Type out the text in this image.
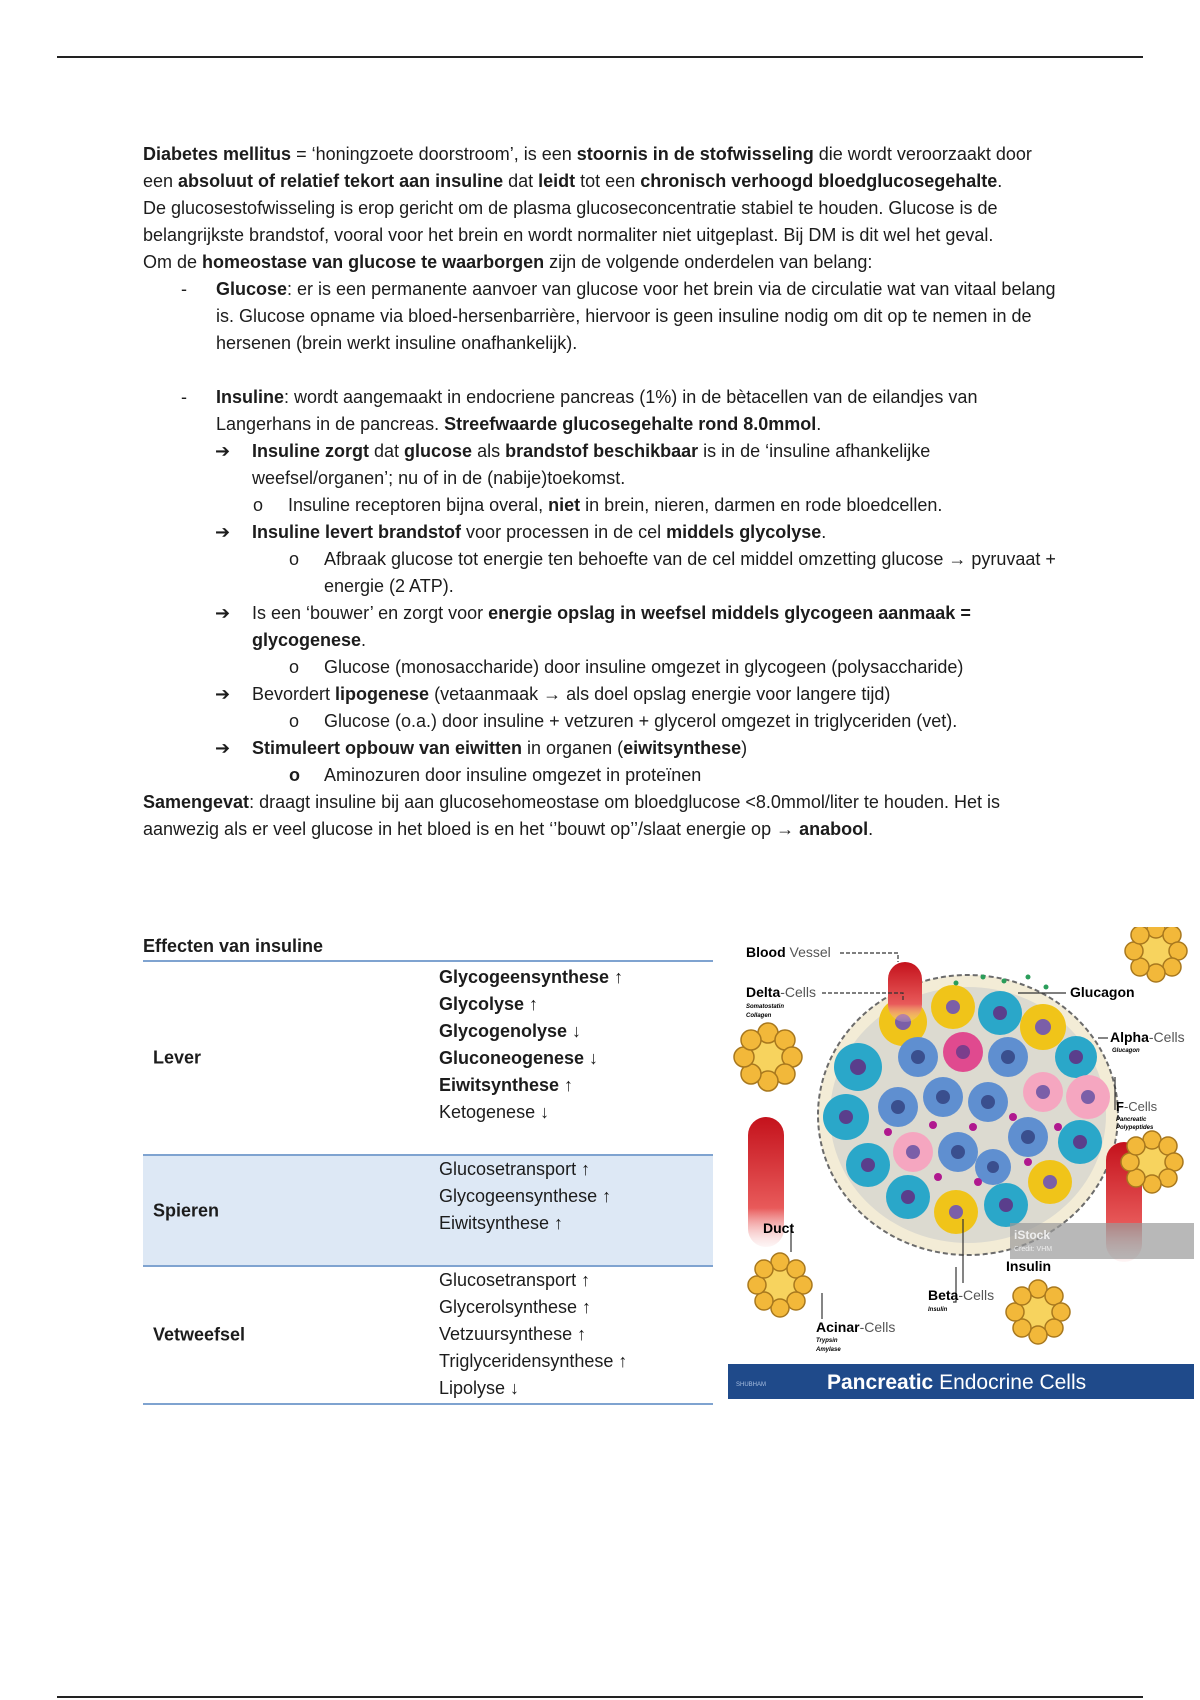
Diabetes mellitus = ‘honingzoete doorstroom’, is een stoornis in de stofwisseling die wordt veroorzaakt door een absoluut of relatief tekort aan insuline dat leidt tot een chronisch verhoogd bloedglucosegehalte.

De glucosestofwisseling is erop gericht om de plasma glucoseconcentratie stabiel te houden. Glucose is de belangrijkste brandstof, vooral voor het brein en wordt normaliter niet uitgeplast. Bij DM is dit wel het geval.

Om de homeostase van glucose te waarborgen zijn de volgende onderdelen van belang:

- Glucose: er is een permanente aanvoer van glucose voor het brein via de circulatie wat van vitaal belang is. Glucose opname via bloed-hersenbarrière, hiervoor is geen insuline nodig om dit op te nemen in de hersenen (brein werkt insuline onafhankelijk).
- Insuline: wordt aangemaakt in endocriene pancreas (1%) in de bètacellen van de eilandjes van Langerhans in de pancreas. Streefwaarde glucosegehalte rond 8.0mmol.
➔ Insuline zorgt dat glucose als brandstof beschikbaar is in de ‘insuline afhankelijke weefsel/organen’; nu of in de (nabije)toekomst.
o Insuline receptoren bijna overal, niet in brein, nieren, darmen en rode bloedcellen.
➔ Insuline levert brandstof voor processen in de cel middels glycolyse.
o Afbraak glucose tot energie ten behoefte van de cel middel omzetting glucose → pyruvaat + energie (2 ATP).
➔ Is een ‘bouwer’ en zorgt voor energie opslag in weefsel middels glycogeen aanmaak = glycogenese.
o Glucose (monosaccharide) door insuline omgezet in glycogeen (polysaccharide)
➔ Bevordert lipogenese (vetaanmaak → als doel opslag energie voor langere tijd)
o Glucose (o.a.) door insuline + vetzuren + glycerol omgezet in triglyceriden (vet).
➔ Stimuleert opbouw van eiwitten in organen (eiwitsynthese)
o Aminozuren door insuline omgezet in proteïnen

Samengevat: draagt insuline bij aan glucosehomeostase om bloedglucose <8.0mmol/liter te houden. Het is aanwezig als er veel glucose in het bloed is en het ‘’bouwt op’’/slaat energie op → anabool.

Effecten van insuline
Lever
Glycogeensynthese ↑
Glycolyse ↑
Glycogenolyse ↓
Gluconeogenese ↓
Eiwitsynthese ↑
Ketogenese ↓
Spieren
Glucosetransport ↑
Glycogeensynthese ↑
Eiwitsynthese ↑
Vetweefsel
Glucosetransport ↑
Glycerolsynthese ↑
Vetzuursynthese ↑
Triglyceridensynthese ↑
Lipolyse ↓
Blood Vessel
Delta-Cells
Somatostatin
Collagen
Glucagon
Alpha-Cells
Glucagon
F-Cells
Pancreatic
Polypeptides
Duct	iStock
Credit: VHM
Insulin
Beta-Cells
Insulin
Acinar-Cells
Trypsin
Amylase
SHUBHAM	Pancreatic Endocrine Cells
